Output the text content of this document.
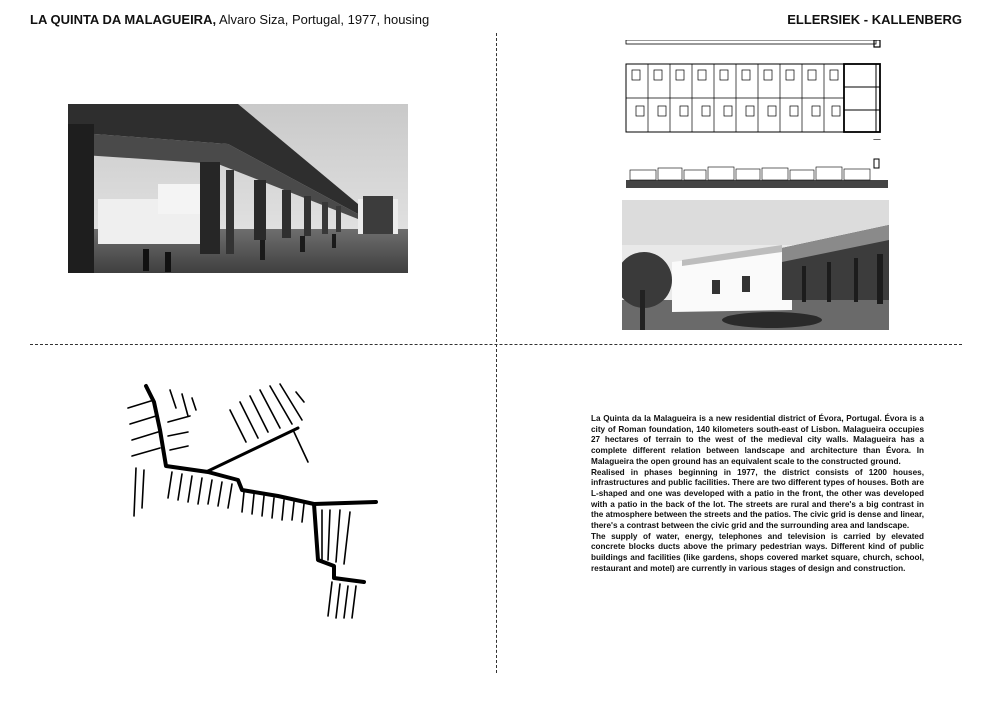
LA QUINTA DA MALAGUEIRA, Alvaro Siza, Portugal, 1977, housing	ELLERSIEK - KALLENBERG

La Quinta da la Malagueira is a new residential district of Évora, Portugal. Évora is a city of Roman foundation, 140 kilometers south-east of Lisbon. Malagueira occupies 27 hectares of terrain to the west of the medieval city walls. Malagueira has a complete different relation between landscape and architecture than Évora. In Malagueira the open ground has an equivalent scale to the constructed ground.

Realised in phases beginning in 1977, the district consists of 1200 houses, infrastructures and public facilities. There are two different types of houses. Both are L-shaped and one was developed with a patio in the front, the other was developed with a patio in the back of the lot. The streets are rural and there's a big contrast in the atmosphere between the streets and the patios. The civic grid is dense and linear, there's a contrast between the civic grid and the surrounding area and landscape.

The supply of water, energy, telephones and television is carried by elevated concrete blocks ducts above the primary pedestrian ways. Different kind of public buildings and facilities (like gardens, shops covered market square, church, school, restaurant and motel) are currently in various stages of design and construction.
